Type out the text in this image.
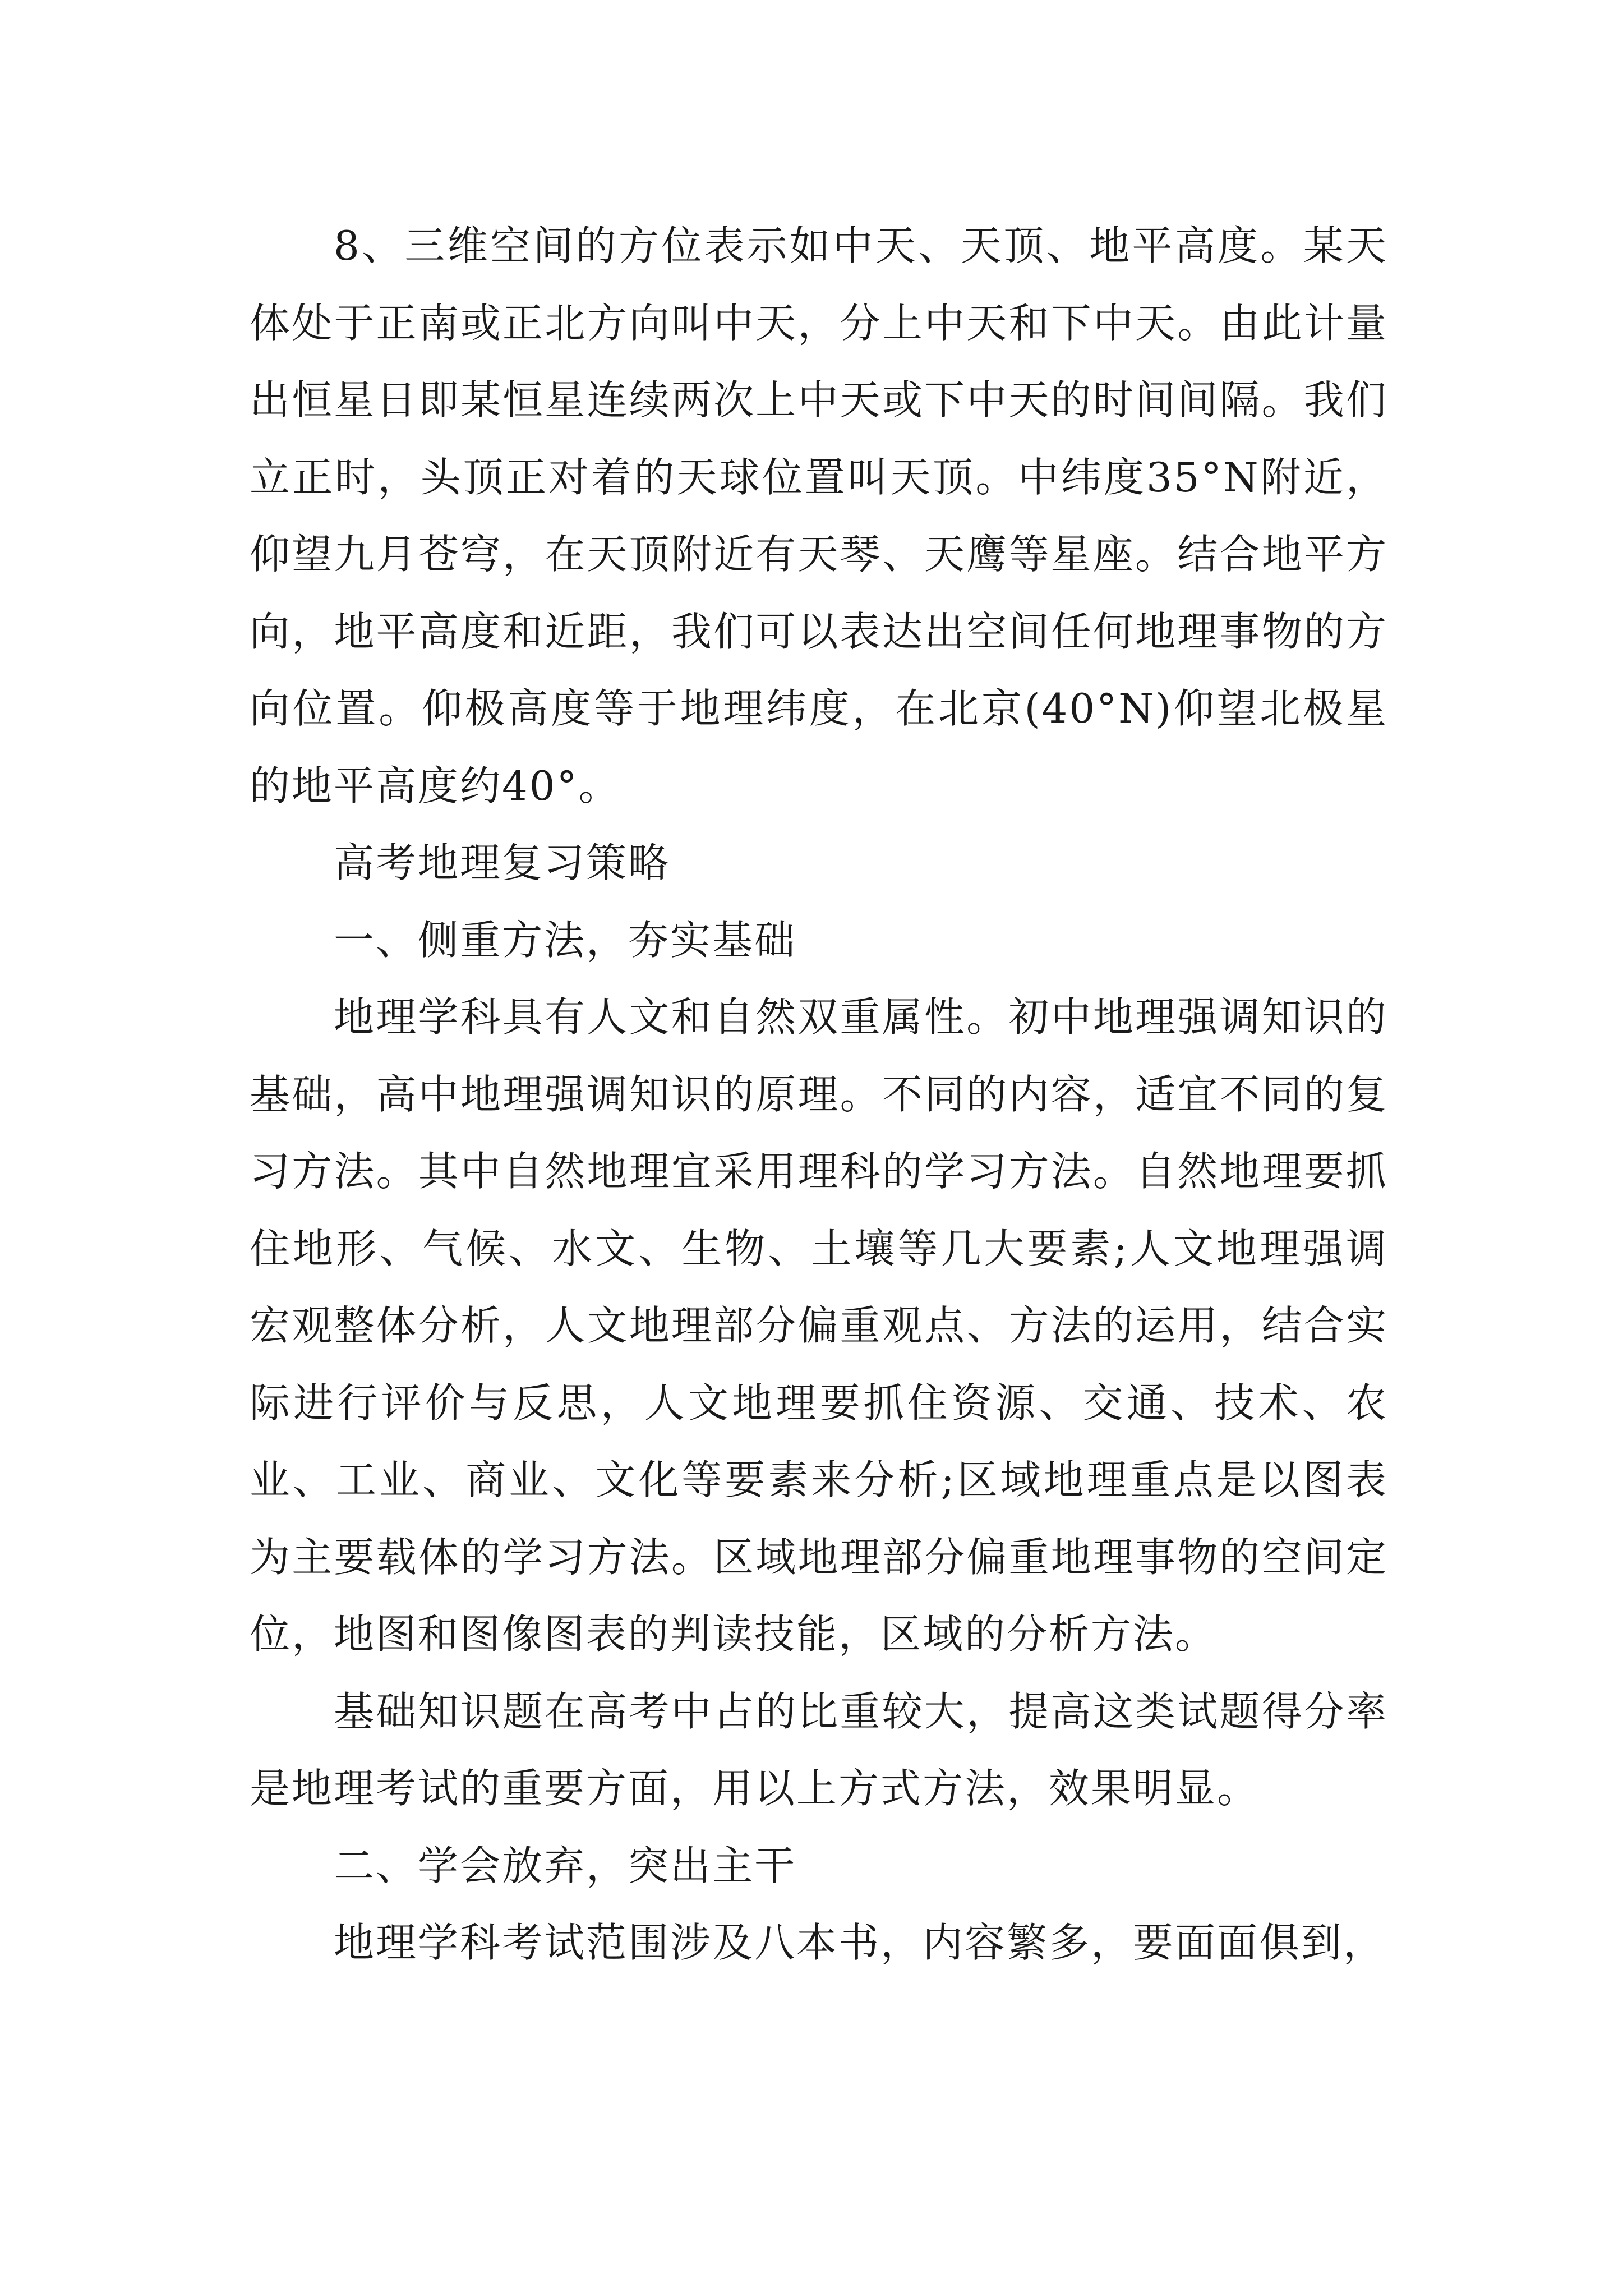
8、三维空间的方位表示如中天、天顶、地平高度。某天体处于正南或正北方向叫中天，分上中天和下中天。由此计量出恒星日即某恒星连续两次上中天或下中天的时间间隔。我们立正时，头顶正对着的天球位置叫天顶。中纬度35°N附近，仰望九月苍穹，在天顶附近有天琴、天鹰等星座。结合地平方向，地平高度和近距，我们可以表达出空间任何地理事物的方向位置。仰极高度等于地理纬度，在北京(40°N)仰望北极星的地平高度约40°。

高考地理复习策略

一、侧重方法，夯实基础

地理学科具有人文和自然双重属性。初中地理强调知识的基础，高中地理强调知识的原理。不同的内容，适宜不同的复习方法。其中自然地理宜采用理科的学习方法。自然地理要抓住地形、气候、水文、生物、土壤等几大要素;人文地理强调宏观整体分析，人文地理部分偏重观点、方法的运用，结合实际进行评价与反思，人文地理要抓住资源、交通、技术、农业、工业、商业、文化等要素来分析;区域地理重点是以图表为主要载体的学习方法。区域地理部分偏重地理事物的空间定位，地图和图像图表的判读技能，区域的分析方法。

基础知识题在高考中占的比重较大，提高这类试题得分率是地理考试的重要方面，用以上方式方法，效果明显。

二、学会放弃，突出主干

地理学科考试范围涉及八本书，内容繁多，要面面俱到，
